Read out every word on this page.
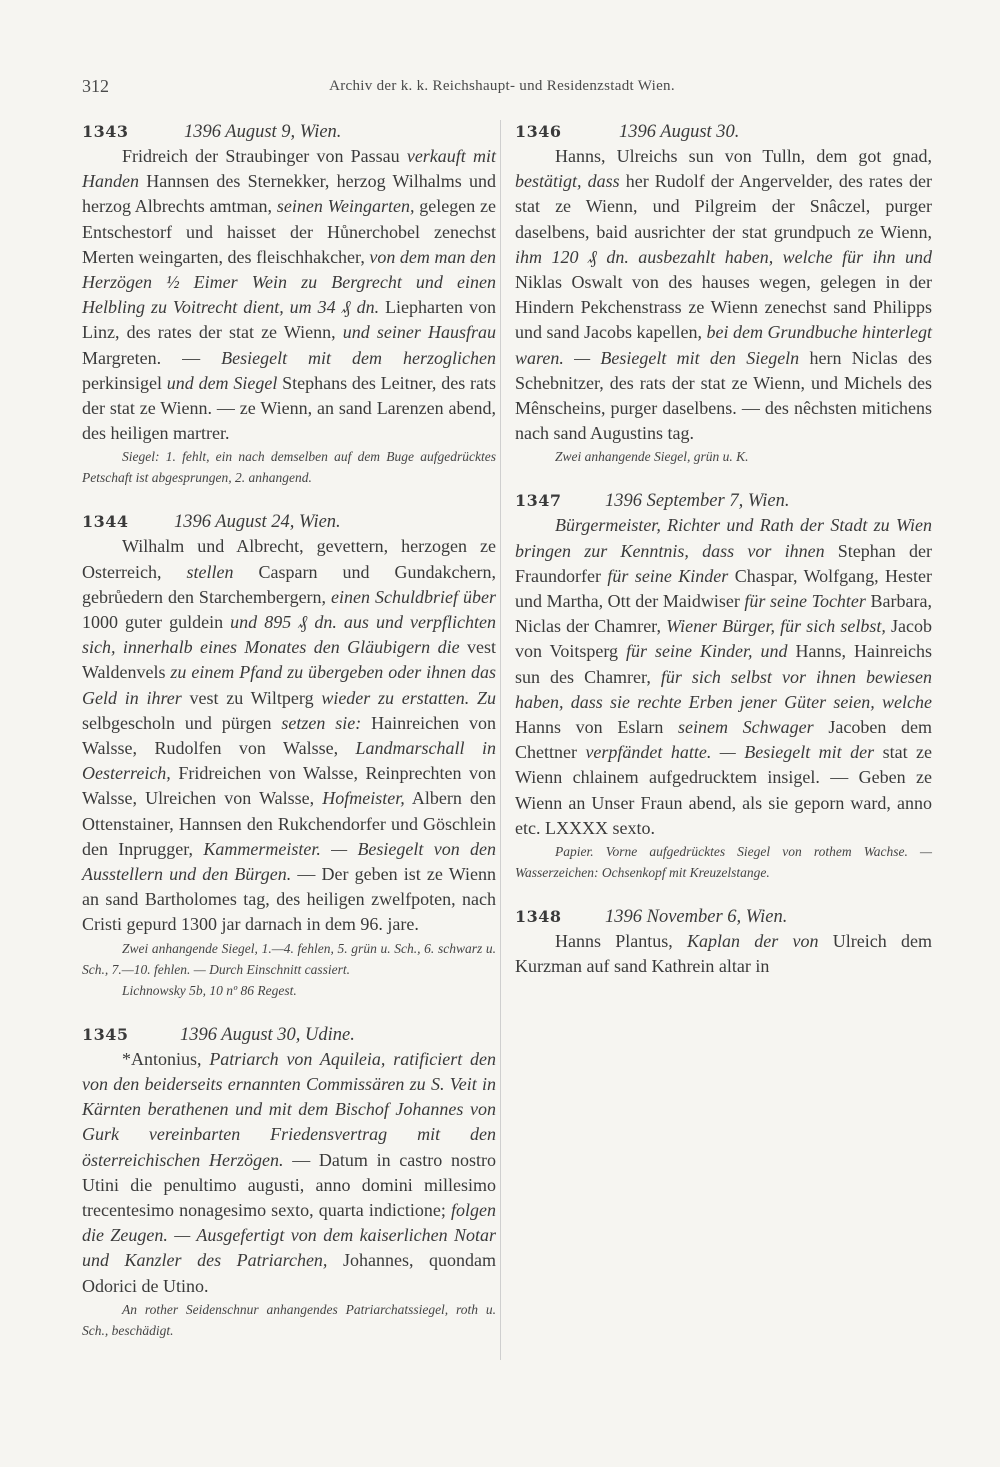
312	Archiv der k. k. Reichshaupt- und Residenzstadt Wien.

1343	1396 August 9, Wien.

Fridreich der Straubinger von Passau verkauft mit Handen Hannsen des Sternekker, herzog Wilhalms und herzog Albrechts amtman, seinen Weingarten, gelegen ze Entschestorf und haisset der Hůnerchobel zenechst Merten weingarten, des fleischhakcher, von dem man den Herzögen ½ Eimer Wein zu Bergrecht und einen Helbling zu Voitrecht dient, um 34 ₰ dn. Liepharten von Linz, des rates der stat ze Wienn, und seiner Hausfrau Margreten. — Besiegelt mit dem herzoglichen perkinsigel und dem Siegel Stephans des Leitner, des rats der stat ze Wienn. — ze Wienn, an sand Larenzen abend, des heiligen martrer.

Siegel: 1. fehlt, ein nach demselben auf dem Buge aufgedrücktes Petschaft ist abgesprungen, 2. anhangend.

1344 1396 August 24, Wien.

Wilhalm und Albrecht, gevettern, herzogen ze Osterreich, stellen Casparn und Gundakchern, gebrůedern den Starchembergern, einen Schuldbrief über 1000 guter guldein und 895 ₰ dn. aus und verpflichten sich, innerhalb eines Monates den Gläubigern die vest Waldenvels zu einem Pfand zu übergeben oder ihnen das Geld in ihrer vest zu Wiltperg wieder zu erstatten. Zu selbgescholn und pürgen setzen sie: Hainreichen von Walsse, Rudolfen von Walsse, Landmarschall in Oesterreich, Fridreichen von Walsse, Reinprechten von Walsse, Ulreichen von Walsse, Hofmeister, Albern den Ottenstainer, Hannsen den Rukchendorfer und Göschlein den Inprugger, Kammermeister. — Besiegelt von den Ausstellern und den Bürgen. — Der geben ist ze Wienn an sand Bartholomes tag, des heiligen zwelfpoten, nach Cristi gepurd 1300 jar darnach in dem 96. jare.

Zwei anhangende Siegel, 1.—4. fehlen, 5. grün u. Sch., 6. schwarz u. Sch., 7.—10. fehlen. — Durch Einschnitt cassiert.

Lichnowsky 5b, 10 nº 86 Regest.

1345	1396 August 30, Udine.

*Antonius, Patriarch von Aquileia, ratificiert den von den beiderseits ernannten Commissären zu S. Veit in Kärnten berathenen und mit dem Bischof Johannes von Gurk vereinbarten Friedensvertrag mit den österreichischen Herzögen. — Datum in castro nostro Utini die penultimo augusti, anno domini millesimo trecentesimo nonagesimo sexto, quarta indictione; folgen die Zeugen. — Ausgefertigt von dem kaiserlichen Notar und Kanzler des Patriarchen, Johannes, quondam Odorici de Utino.

An rother Seidenschnur anhangendes Patriarchatssiegel, roth u. Sch., beschädigt.

1346	1396 August 30.

Hanns, Ulreichs sun von Tulln, dem got gnad, bestätigt, dass her Rudolf der Angervelder, des rates der stat ze Wienn, und Pilgreim der Snâczel, purger daselbens, baid ausrichter der stat grundpuch ze Wienn, ihm 120 ₰ dn. ausbezahlt haben, welche für ihn und Niklas Oswalt von des hauses wegen, gelegen in der Hindern Pekchenstrass ze Wienn zenechst sand Philipps und sand Jacobs kapellen, bei dem Grundbuche hinterlegt waren. — Besiegelt mit den Siegeln hern Niclas des Schebnitzer, des rats der stat ze Wienn, und Michels des Mênscheins, purger daselbens. — des nêchsten mitichens nach sand Augustins tag.

Zwei anhangende Siegel, grün u. K.

1347 1396 September 7, Wien.

Bürgermeister, Richter und Rath der Stadt zu Wien bringen zur Kenntnis, dass vor ihnen Stephan der Fraundorfer für seine Kinder Chaspar, Wolfgang, Hester und Martha, Ott der Maidwiser für seine Tochter Barbara, Niclas der Chamrer, Wiener Bürger, für sich selbst, Jacob von Voitsperg für seine Kinder, und Hanns, Hainreichs sun des Chamrer, für sich selbst vor ihnen bewiesen haben, dass sie rechte Erben jener Güter seien, welche Hanns von Eslarn seinem Schwager Jacoben dem Chettner verpfändet hatte. — Besiegelt mit der stat ze Wienn chlainem aufgedrucktem insigel. — Geben ze Wienn an Unser Fraun abend, als sie geporn ward, anno etc. LXXXX sexto.

Papier. Vorne aufgedrücktes Siegel von rothem Wachse. — Wasserzeichen: Ochsenkopf mit Kreuzelstange.

1348 1396 November 6, Wien.

Hanns Plantus, Kaplan der von Ulreich dem Kurzman auf sand Kathrein altar in
